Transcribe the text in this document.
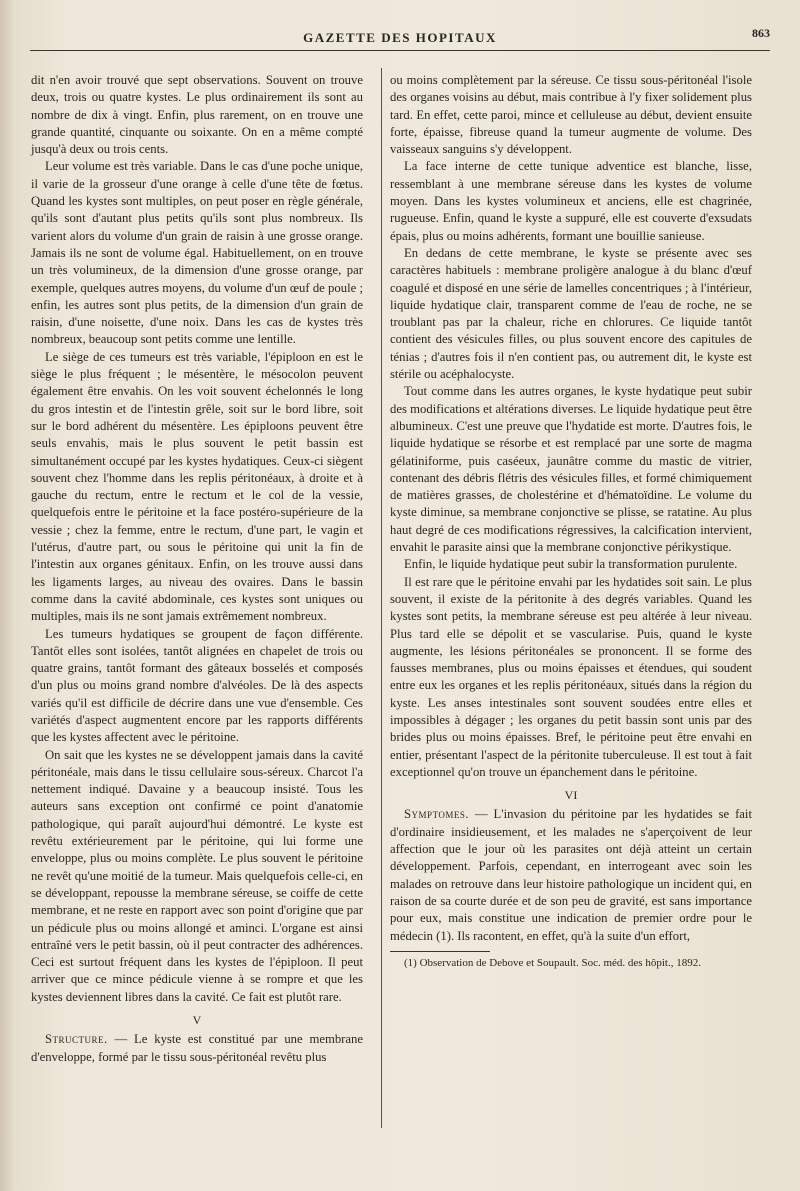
GAZETTE DES HOPITAUX	863

dit n'en avoir trouvé que sept observations. Souvent on trouve deux, trois ou quatre kystes. Le plus ordinairement ils sont au nombre de dix à vingt. Enfin, plus rarement, on en trouve une grande quantité, cinquante ou soixante. On en a même compté jusqu'à deux ou trois cents.

Leur volume est très variable. Dans le cas d'une poche unique, il varie de la grosseur d'une orange à celle d'une tête de fœtus. Quand les kystes sont multiples, on peut poser en règle générale, qu'ils sont d'autant plus petits qu'ils sont plus nombreux. Ils varient alors du volume d'un grain de raisin à une grosse orange. Jamais ils ne sont de volume égal. Habituellement, on en trouve un très volumineux, de la dimension d'une grosse orange, par exemple, quelques autres moyens, du volume d'un œuf de poule ; enfin, les autres sont plus petits, de la dimension d'un grain de raisin, d'une noisette, d'une noix. Dans les cas de kystes très nombreux, beaucoup sont petits comme une lentille.

Le siège de ces tumeurs est très variable, l'épiploon en est le siège le plus fréquent ; le mésentère, le mésocolon peuvent également être envahis. On les voit souvent échelonnés le long du gros intestin et de l'intestin grêle, soit sur le bord libre, soit sur le bord adhérent du mésentère. Les épiploons peuvent être seuls envahis, mais le plus souvent le petit bassin est simultanément occupé par les kystes hydatiques. Ceux-ci siègent souvent chez l'homme dans les replis péritonéaux, à droite et à gauche du rectum, entre le rectum et le col de la vessie, quelquefois entre le péritoine et la face postéro-supérieure de la vessie ; chez la femme, entre le rectum, d'une part, le vagin et l'utérus, d'autre part, ou sous le péritoine qui unit la fin de l'intestin aux organes génitaux. Enfin, on les trouve aussi dans les ligaments larges, au niveau des ovaires. Dans le bassin comme dans la cavité abdominale, ces kystes sont uniques ou multiples, mais ils ne sont jamais extrêmement nombreux.

Les tumeurs hydatiques se groupent de façon différente. Tantôt elles sont isolées, tantôt alignées en chapelet de trois ou quatre grains, tantôt formant des gâteaux bosselés et composés d'un plus ou moins grand nombre d'alvéoles. De là des aspects variés qu'il est difficile de décrire dans une vue d'ensemble. Ces variétés d'aspect augmentent encore par les rapports différents que les kystes affectent avec le péritoine.

On sait que les kystes ne se développent jamais dans la cavité péritonéale, mais dans le tissu cellulaire sous-séreux. Charcot l'a nettement indiqué. Davaine y a beaucoup insisté. Tous les auteurs sans exception ont confirmé ce point d'anatomie pathologique, qui paraît aujourd'hui démontré. Le kyste est revêtu extérieurement par le péritoine, qui lui forme une enveloppe, plus ou moins complète. Le plus souvent le péritoine ne revêt qu'une moitié de la tumeur. Mais quelquefois celle-ci, en se développant, repousse la membrane séreuse, se coiffe de cette membrane, et ne reste en rapport avec son point d'origine que par un pédicule plus ou moins allongé et aminci. L'organe est ainsi entraîné vers le petit bassin, où il peut contracter des adhérences. Ceci est surtout fréquent dans les kystes de l'épiploon. Il peut arriver que ce mince pédicule vienne à se rompre et que les kystes deviennent libres dans la cavité. Ce fait est plutôt rare.

V

Structure. — Le kyste est constitué par une membrane d'enveloppe, formé par le tissu sous-péritonéal revêtu plus

ou moins complètement par la séreuse. Ce tissu sous-péritonéal l'isole des organes voisins au début, mais contribue à l'y fixer solidement plus tard. En effet, cette paroi, mince et celluleuse au début, devient ensuite forte, épaisse, fibreuse quand la tumeur augmente de volume. Des vaisseaux sanguins s'y développent.

La face interne de cette tunique adventice est blanche, lisse, ressemblant à une membrane séreuse dans les kystes de volume moyen. Dans les kystes volumineux et anciens, elle est chagrinée, rugueuse. Enfin, quand le kyste a suppuré, elle est couverte d'exsudats épais, plus ou moins adhérents, formant une bouillie sanieuse.

En dedans de cette membrane, le kyste se présente avec ses caractères habituels : membrane proligère analogue à du blanc d'œuf coagulé et disposé en une série de lamelles concentriques ; à l'intérieur, liquide hydatique clair, transparent comme de l'eau de roche, ne se troublant pas par la chaleur, riche en chlorures. Ce liquide tantôt contient des vésicules filles, ou plus souvent encore des capitules de ténias ; d'autres fois il n'en contient pas, ou autrement dit, le kyste est stérile ou acéphalocyste.

Tout comme dans les autres organes, le kyste hydatique peut subir des modifications et altérations diverses. Le liquide hydatique peut être albumineux. C'est une preuve que l'hydatide est morte. D'autres fois, le liquide hydatique se résorbe et est remplacé par une sorte de magma gélatiniforme, puis caséeux, jaunâtre comme du mastic de vitrier, contenant des débris flétris des vésicules filles, et formé chimiquement de matières grasses, de cholestérine et d'hématoïdine. Le volume du kyste diminue, sa membrane conjonctive se plisse, se ratatine. Au plus haut degré de ces modifications régressives, la calcification intervient, envahit le parasite ainsi que la membrane conjonctive périkystique.

Enfin, le liquide hydatique peut subir la transformation purulente.

Il est rare que le péritoine envahi par les hydatides soit sain. Le plus souvent, il existe de la péritonite à des degrés variables. Quand les kystes sont petits, la membrane séreuse est peu altérée à leur niveau. Plus tard elle se dépolit et se vascularise. Puis, quand le kyste augmente, les lésions péritonéales se prononcent. Il se forme des fausses membranes, plus ou moins épaisses et étendues, qui soudent entre eux les organes et les replis péritonéaux, situés dans la région du kyste. Les anses intestinales sont souvent soudées entre elles et impossibles à dégager ; les organes du petit bassin sont unis par des brides plus ou moins épaisses. Bref, le péritoine peut être envahi en entier, présentant l'aspect de la péritonite tuberculeuse. Il est tout à fait exceptionnel qu'on trouve un épanchement dans le péritoine.

VI

Symptomes. — L'invasion du péritoine par les hydatides se fait d'ordinaire insidieusement, et les malades ne s'aperçoivent de leur affection que le jour où les parasites ont déjà atteint un certain développement. Parfois, cependant, en interrogeant avec soin les malades on retrouve dans leur histoire pathologique un incident qui, en raison de sa courte durée et de son peu de gravité, est sans importance pour eux, mais constitue une indication de premier ordre pour le médecin (1). Ils racontent, en effet, qu'à la suite d'un effort,

(1) Observation de Debove et Soupault. Soc. méd. des hôpit., 1892.
